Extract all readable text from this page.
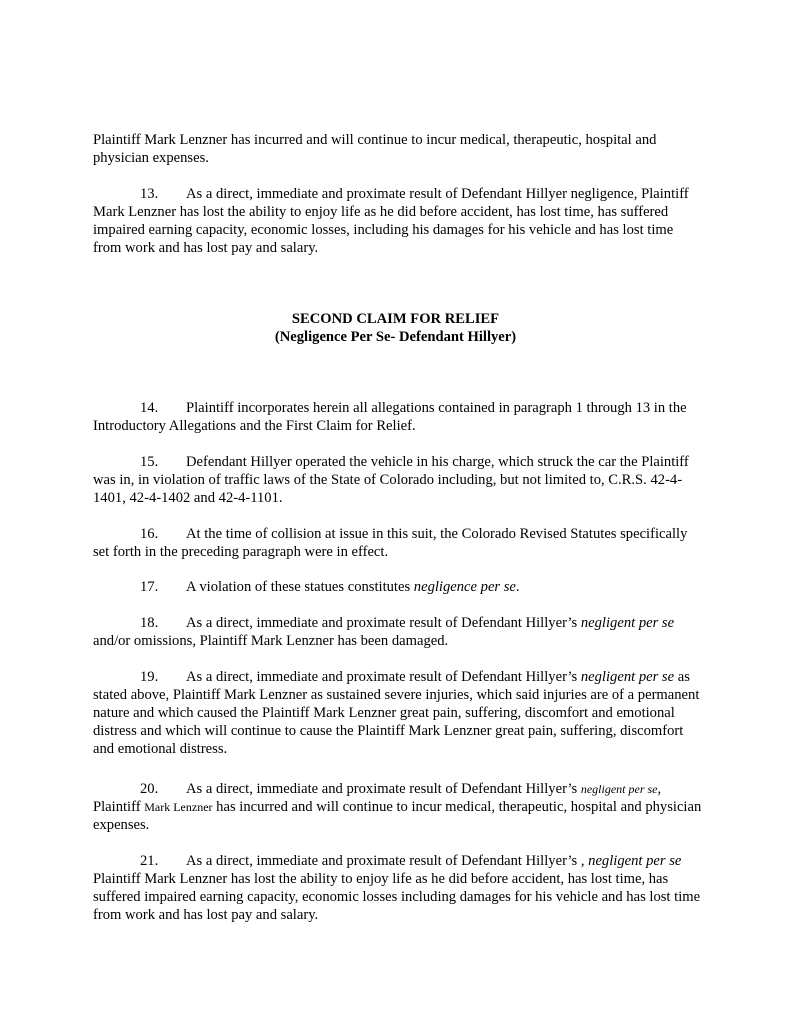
Plaintiff Mark Lenzner has incurred and will continue to incur medical, therapeutic, hospital and physician expenses.

13. As a direct, immediate and proximate result of Defendant Hillyer negligence, Plaintiff Mark Lenzner has lost the ability to enjoy life as he did before accident, has lost time, has suffered impaired earning capacity, economic losses, including his damages for his vehicle and has lost time from work and has lost pay and salary.

SECOND CLAIM FOR RELIEF
(Negligence Per Se- Defendant Hillyer)

14. Plaintiff incorporates herein all allegations contained in paragraph 1 through 13 in the Introductory Allegations and the First Claim for Relief.

15. Defendant Hillyer operated the vehicle in his charge, which struck the car the Plaintiff was in, in violation of traffic laws of the State of Colorado including, but not limited to, C.R.S. 42-4-1401, 42-4-1402 and 42-4-1101.

16. At the time of collision at issue in this suit, the Colorado Revised Statutes specifically set forth in the preceding paragraph were in effect.

17. A violation of these statues constitutes negligence per se.

18. As a direct, immediate and proximate result of Defendant Hillyer’s negligent per se and/or omissions, Plaintiff Mark Lenzner has been damaged.

19. As a direct, immediate and proximate result of Defendant Hillyer’s negligent per se as stated above, Plaintiff Mark Lenzner as sustained severe injuries, which said injuries are of a permanent nature and which caused the Plaintiff Mark Lenzner great pain, suffering, discomfort and emotional distress and which will continue to cause the Plaintiff Mark Lenzner great pain, suffering, discomfort and emotional distress.

20. As a direct, immediate and proximate result of Defendant Hillyer’s negligent per se, Plaintiff Mark Lenzner has incurred and will continue to incur medical, therapeutic, hospital and physician expenses.

21. As a direct, immediate and proximate result of Defendant Hillyer’s , negligent per se Plaintiff Mark Lenzner has lost the ability to enjoy life as he did before accident, has lost time, has suffered impaired earning capacity, economic losses including damages for his vehicle and has lost time from work and has lost pay and salary.
